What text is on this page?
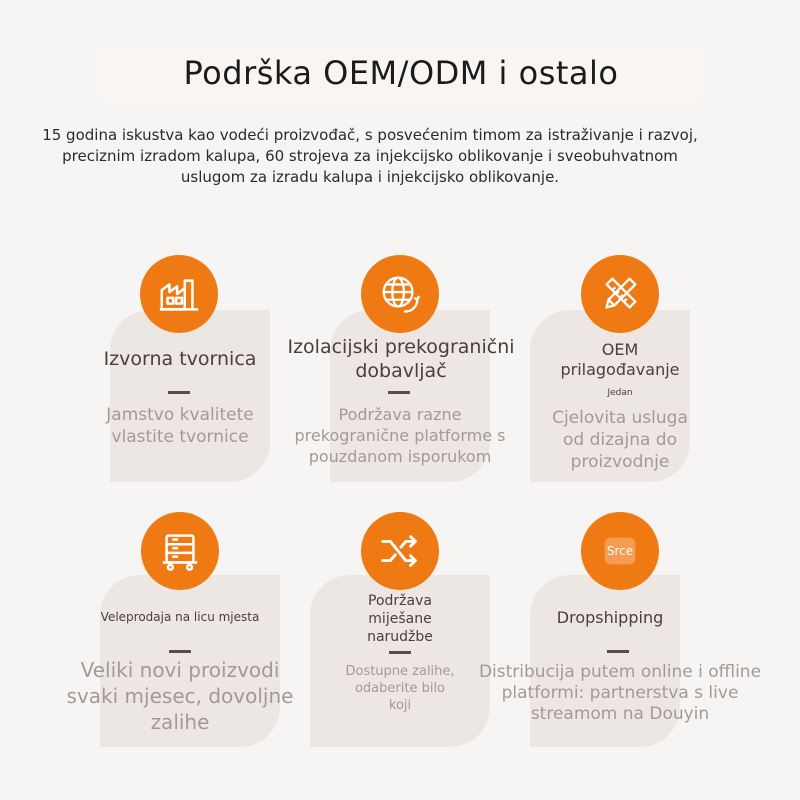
Podrška OEM/ODM i ostalo
15 godina iskustva kao vodeći proizvođač, s posvećenim timom za istraživanje i razvoj, preciznim izradom kalupa, 60 strojeva za injekcijsko oblikovanje i sveobuhvatnom uslugom za izradu kalupa i injekcijsko oblikovanje.
Izvorna tvornica
Jamstvo kvalitete vlastite tvornice
Izolacijski prekogranični dobavljač
Podržava razne prekogranične platforme s pouzdanom isporukom
OEM prilagođavanje
Jedan
Cjelovita usluga od dizajna do proizvodnje
Veleprodaja na licu mjesta
Veliki novi proizvodi svaki mjesec, dovoljne zalihe
Podržava miješane narudžbe
Dostupne zalihe, odaberite bilo koji
Srce
Dropshipping
Distribucija putem online i offline platformi: partnerstva s live streamom na Douyin
